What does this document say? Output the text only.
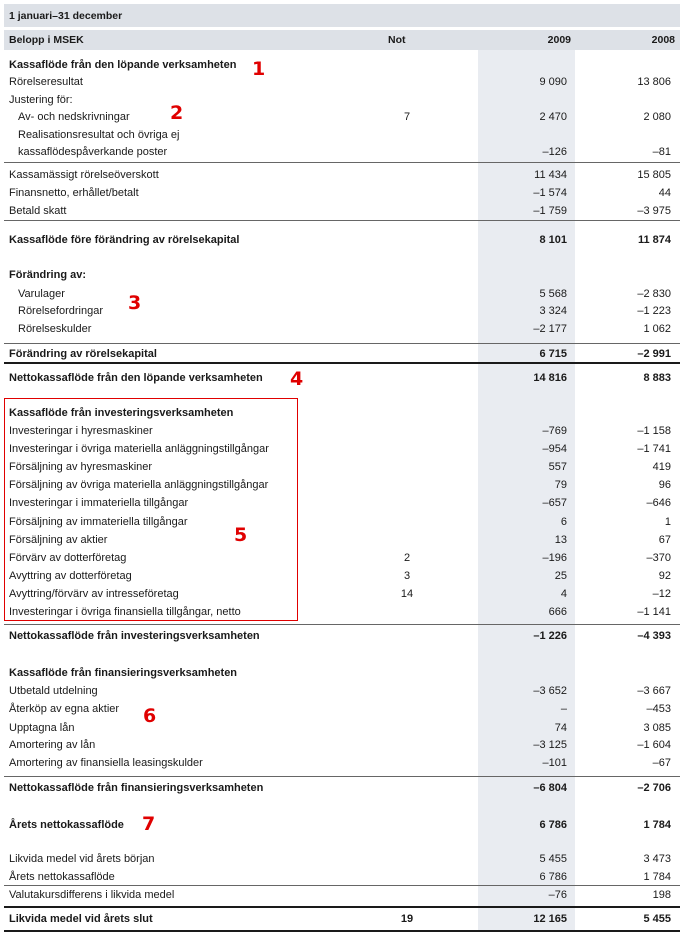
1 januari–31 december
Belopp i MSEK	Not	2009	2008
Kassaflöde från den löpande verksamheten
Rörelseresultat	9 090	13 806
Justering för:
Av- och nedskrivningar	7	2 470	2 080
Realisationsresultat och övriga ej
kassaflödespåverkande poster	–126	–81
Kassamässigt rörelseöverskott	11 434	15 805
Finansnetto, erhållet/betalt	–1 574	44
Betald skatt	–1 759	–3 975
Kassaflöde före förändring av rörelsekapital	8 101	11 874
Förändring av:
Varulager	5 568	–2 830
Rörelsefordringar	3 324	–1 223
Rörelseskulder	–2 177	1 062
Förändring av rörelsekapital	6 715	–2 991
Nettokassaflöde från den löpande verksamheten	14 816	8 883
Kassaflöde från investeringsverksamheten
Investeringar i hyresmaskiner	–769	–1 158
Investeringar i övriga materiella anläggningstillgångar	–954	–1 741
Försäljning av hyresmaskiner	557	419
Försäljning av övriga materiella anläggningstillgångar	79	96
Investeringar i immateriella tillgångar	–657	–646
Försäljning av immateriella tillgångar	6	1
Försäljning av aktier	13	67
Förvärv av dotterföretag	2	–196	–370
Avyttring av dotterföretag	3	25	92
Avyttring/förvärv av intresseföretag	14	4	–12
Investeringar i övriga finansiella tillgångar, netto	666	–1 141
Nettokassaflöde från investeringsverksamheten	–1 226	–4 393
Kassaflöde från finansieringsverksamheten
Utbetald utdelning	–3 652	–3 667
Återköp av egna aktier	–	–453
Upptagna lån	74	3 085
Amortering av lån	–3 125	–1 604
Amortering av finansiella leasingskulder	–101	–67
Nettokassaflöde från finansieringsverksamheten	–6 804	–2 706
Årets nettokassaflöde	6 786	1 784
Likvida medel vid årets början	5 455	3 473
Årets nettokassaflöde	6 786	1 784
Valutakursdifferens i likvida medel	–76	198
Likvida medel vid årets slut	19	12 165	5 455
1
2
3
4
5
6
7
